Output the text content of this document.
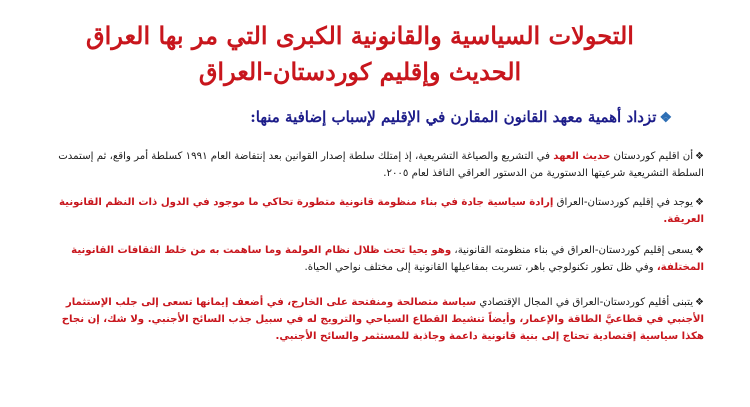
التحولات السياسية والقانونية الكبرى التي مر بها العراق
الحديث وإقليم كوردستان-العراق
❖تزداد أهمية معهد القانون المقارن في الإقليم لإسباب إضافية منها:

❖أن اقليم كوردستان حديث العهد في التشريع والصياغة التشريعية، إذ إمتلك سلطة إصدار القوانين بعد إنتفاضة العام ١٩٩١ كسلطة أمر واقع، ثم إستمدت السلطة التشريعية شرعيتها الدستورية من الدستور العراقي النافذ لعام ٢٠٠٥.

❖يوجد في إقليم كوردستان-العراق إرادة سياسية جادة في بناء منظومة قانونية متطورة تحاكي ما موجود في الدول ذات النظم القانونية العريقة.

❖يسعى إقليم كوردستان-العراق في بناء منظومته القانونية، وهو يحيا تحت ظلال نظام العولمة وما ساهمت به من خلط الثقافات القانونية المختلفة، وفي ظل تطور تكنولوجي باهر، تسربت بمفاعيلها القانونية إلى مختلف نواحي الحياة.

❖يتبنى أقليم كوردستان-العراق في المجال الإقتصادي سياسة متصالحة ومنفتحة على الخارج، في أضعف إيمانها تسعى إلى جلب الإستثمار الأجنبي في قطاعيَّ الطاقة والإعمار، وأيضاً تنشيط القطاع السياحي والترويج له في سبيل جذب السائح الأجنبي. ولا شك، إن نجاح هكذا سياسية إقتصادية تحتاج إلى بنية قانونية داعمة وجاذبة للمستثمر والسائح الأجنبي.
